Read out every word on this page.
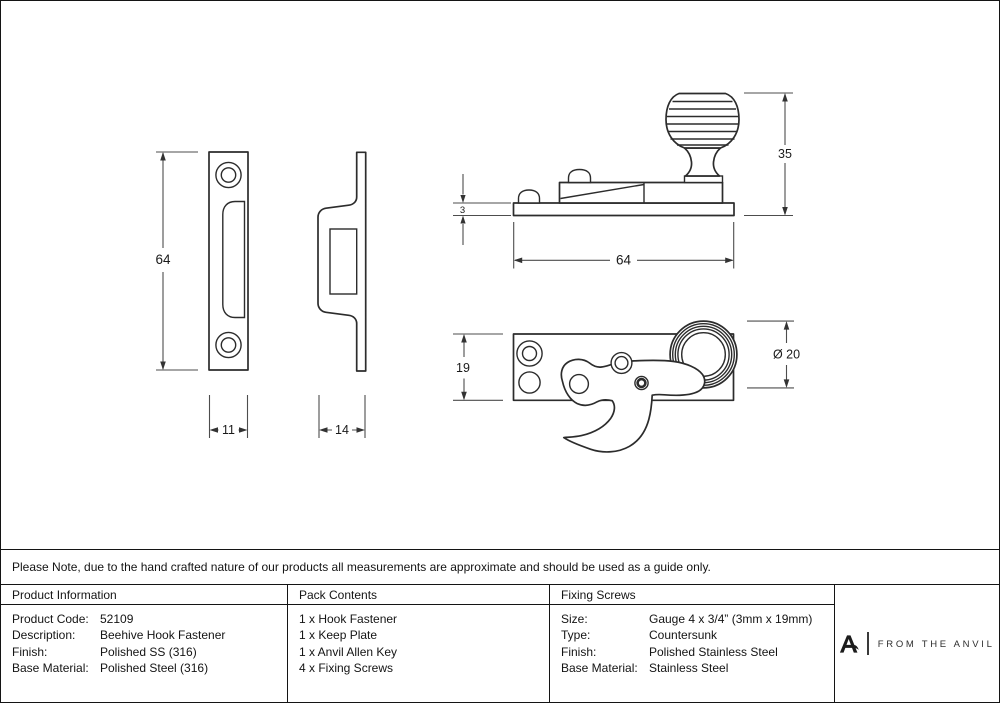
64
11	14
3
35
64
19
Ø 20
Please Note, due to the hand crafted nature of our products all measurements are approximate and should be used as a guide only.
Product Information
Product Code: 52109
Description: Beehive Hook Fastener
Finish:	Polished SS (316)
Base Material: Polished Steel (316)
Pack Contents
1 x Hook Fastener
1 x Keep Plate
1 x Anvil Allen Key
4 x Fixing Screws
Fixing Screws
Size:	Gauge 4 x 3/4” (3mm x 19mm)
Type:	Countersunk
Finish:	Polished Stainless Steel
Base Material: Stainless Steel
FROM THE ANVIL
